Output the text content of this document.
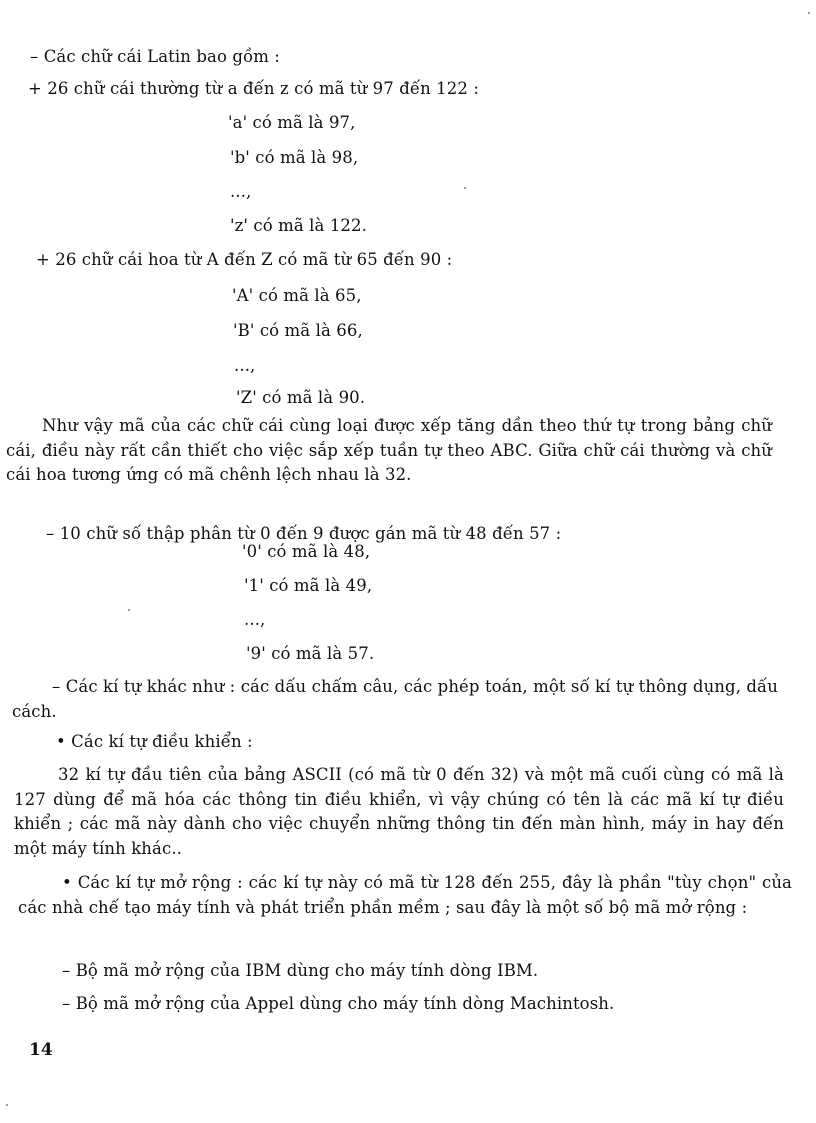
– Các chữ cái Latin bao gồm :

+ 26 chữ cái thường từ a đến z có mã từ 97 đến 122 :

'a' có mã là 97,

'b' có mã là 98,

...,

'z' có mã là 122.

+ 26 chữ cái hoa từ A đến Z có mã từ 65 đến 90 :

'A' có mã là 65,

'B' có mã là 66,

...,

'Z' có mã là 90.

Như vậy mã của các chữ cái cùng loại được xếp tăng dần theo thứ tự trong bảng chữ cái, điều này rất cần thiết cho việc sắp xếp tuần tự theo ABC. Giữa chữ cái thường và chữ cái hoa tương ứng có mã chênh lệch nhau là 32.

– 10 chữ số thập phân từ 0 đến 9 được gán mã từ 48 đến 57 :

'0' có mã là 48,

'1' có mã là 49,

...,

'9' có mã là 57.

– Các kí tự khác như : các dấu chấm câu, các phép toán, một số kí tự thông dụng, dấu cách.

• Các kí tự điều khiển :

32 kí tự đầu tiên của bảng ASCII (có mã từ 0 đến 32) và một mã cuối cùng có mã là 127 dùng để mã hóa các thông tin điều khiển, vì vậy chúng có tên là các mã kí tự điều khiển ; các mã này dành cho việc chuyển những thông tin đến màn hình, máy in hay đến một máy tính khác..

• Các kí tự mở rộng : các kí tự này có mã từ 128 đến 255, đây là phần "tùy chọn" của các nhà chế tạo máy tính và phát triển phần mềm ; sau đây là một số bộ mã mở rộng :

– Bộ mã mở rộng của IBM dùng cho máy tính dòng IBM.

– Bộ mã mở rộng của Appel dùng cho máy tính dòng Machintosh.

14
